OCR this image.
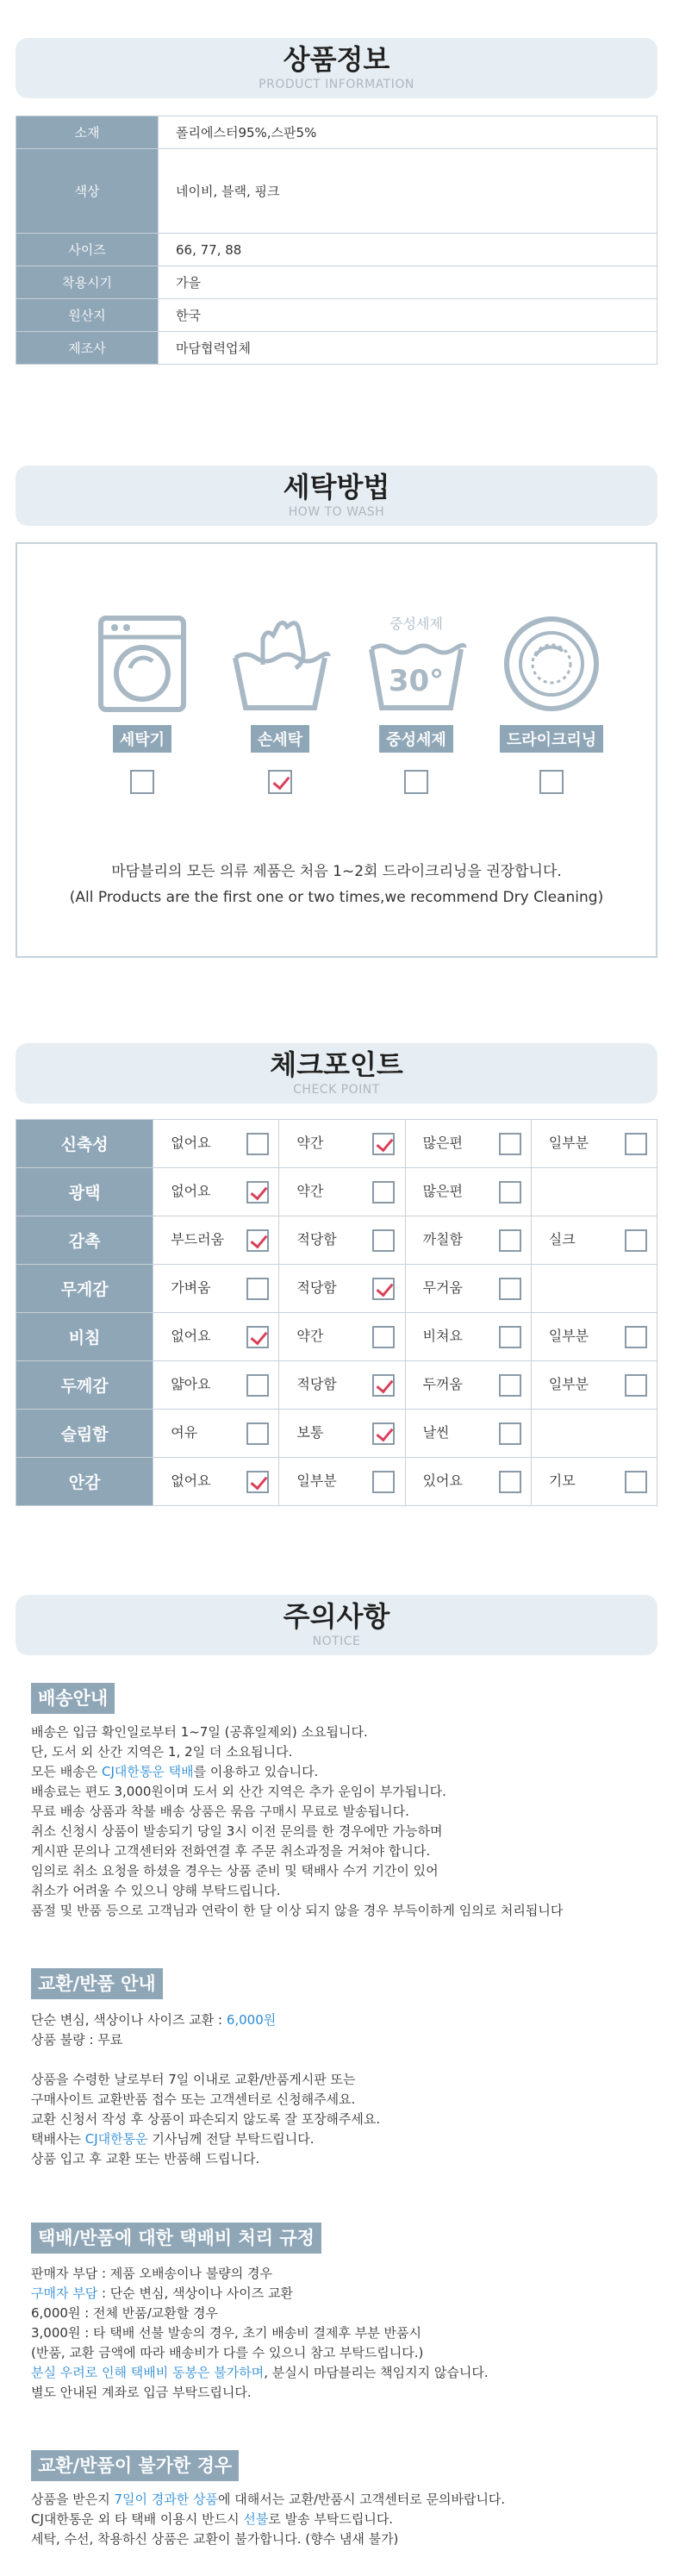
상품정보
PRODUCT INFORMATION
소재	폴리에스터95%,스판5%
색상	네이비, 블랙, 핑크
사이즈	66, 77, 88
착용시기	가을
원산지	한국
제조사	마담협력업체
세탁방법
HOW TO WASH
세탁기	손세탁
중성세제
30°
중성세제	드라이크리닝
마담블리의 모든 의류 제품은 처음 1~2회 드라이크리닝을 권장합니다.
(All Products are the first one or two times,we recommend Dry Cleaning)
체크포인트
CHECK POINT
신축성	없어요	약간	많은편	일부분
광택	없어요	약간	많은편	
감촉	부드러움	적당함	까칠함	실크
무게감	가벼움	적당함	무거움	
비침	없어요	약간	비쳐요	일부분
두께감	얇아요	적당함	두꺼움	일부분
슬림함	여유	보통	날씬	
안감	없어요	일부분	있어요	기모
주의사항
NOTICE
배송안내
배송은 입금 확인일로부터 1~7일 (공휴일제외) 소요됩니다.
단, 도서 외 산간 지역은 1, 2일 더 소요됩니다.
모든 배송은 CJ대한통운 택배를 이용하고 있습니다.
배송료는 편도 3,000원이며 도서 외 산간 지역은 추가 운임이 부가됩니다.
무료 배송 상품과 착불 배송 상품은 묶음 구매시 무료로 발송됩니다.
취소 신청시 상품이 발송되기 당일 3시 이전 문의를 한 경우에만 가능하며
게시판 문의나 고객센터와 전화연결 후 주문 취소과정을 거쳐야 합니다.
임의로 취소 요청을 하셨을 경우는 상품 준비 및 택배사 수거 기간이 있어
취소가 어려울 수 있으니 양해 부탁드립니다.
품절 및 반품 등으로 고객님과 연락이 한 달 이상 되지 않을 경우 부득이하게 임의로 처리됩니다
교환/반품 안내
단순 변심, 색상이나 사이즈 교환 : 6,000원
상품 불량 : 무료

상품을 수령한 날로부터 7일 이내로 교환/반품게시판 또는
구매사이트 교환반품 접수 또는 고객센터로 신청해주세요.
교환 신청서 작성 후 상품이 파손되지 않도록 잘 포장해주세요.
택배사는 CJ대한통운 기사님께 전달 부탁드립니다.
상품 입고 후 교환 또는 반품해 드립니다.
택배/반품에 대한 택배비 처리 규정
판매자 부담 : 제품 오배송이나 불량의 경우
구매자 부담 : 단순 변심, 색상이나 사이즈 교환
6,000원 : 전체 반품/교환할 경우
3,000원 : 타 택배 선불 발송의 경우, 초기 배송비 결제후 부분 반품시
(반품, 교환 금액에 따라 배송비가 다를 수 있으니 참고 부탁드립니다.)
분실 우려로 인해 택배비 동봉은 불가하며, 분실시 마담블리는 책임지지 않습니다.
별도 안내된 계좌로 입금 부탁드립니다.
교환/반품이 불가한 경우
상품을 받은지 7일이 경과한 상품에 대해서는 교환/반품시 고객센터로 문의바랍니다.
CJ대한통운 외 타 택배 이용시 반드시 선불로 발송 부탁드립니다.
세탁, 수선, 착용하신 상품은 교환이 불가합니다. (향수 냄새 불가)
